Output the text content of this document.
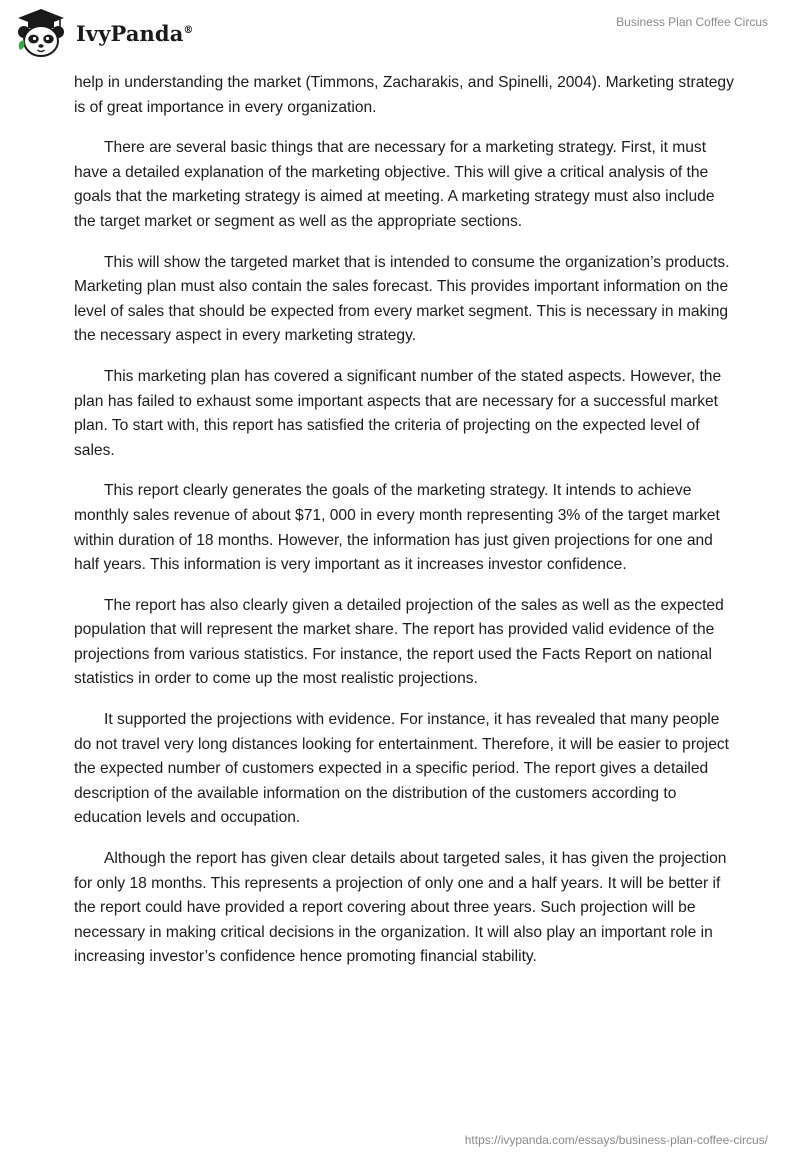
IvyPanda®
Business Plan Coffee Circus

help in understanding the market (Timmons, Zacharakis, and Spinelli, 2004). Marketing strategy is of great importance in every organization.

There are several basic things that are necessary for a marketing strategy. First, it must have a detailed explanation of the marketing objective. This will give a critical analysis of the goals that the marketing strategy is aimed at meeting. A marketing strategy must also include the target market or segment as well as the appropriate sections.

This will show the targeted market that is intended to consume the organization’s products. Marketing plan must also contain the sales forecast. This provides important information on the level of sales that should be expected from every market segment. This is necessary in making the necessary aspect in every marketing strategy.

This marketing plan has covered a significant number of the stated aspects. However, the plan has failed to exhaust some important aspects that are necessary for a successful market plan. To start with, this report has satisfied the criteria of projecting on the expected level of sales.

This report clearly generates the goals of the marketing strategy. It intends to achieve monthly sales revenue of about $71, 000 in every month representing 3% of the target market within duration of 18 months. However, the information has just given projections for one and half years. This information is very important as it increases investor confidence.

The report has also clearly given a detailed projection of the sales as well as the expected population that will represent the market share. The report has provided valid evidence of the projections from various statistics. For instance, the report used the Facts Report on national statistics in order to come up the most realistic projections.

It supported the projections with evidence. For instance, it has revealed that many people do not travel very long distances looking for entertainment. Therefore, it will be easier to project the expected number of customers expected in a specific period. The report gives a detailed description of the available information on the distribution of the customers according to education levels and occupation.

Although the report has given clear details about targeted sales, it has given the projection for only 18 months. This represents a projection of only one and a half years. It will be better if the report could have provided a report covering about three years. Such projection will be necessary in making critical decisions in the organization. It will also play an important role in increasing investor’s confidence hence promoting financial stability.

https://ivypanda.com/essays/business-plan-coffee-circus/
